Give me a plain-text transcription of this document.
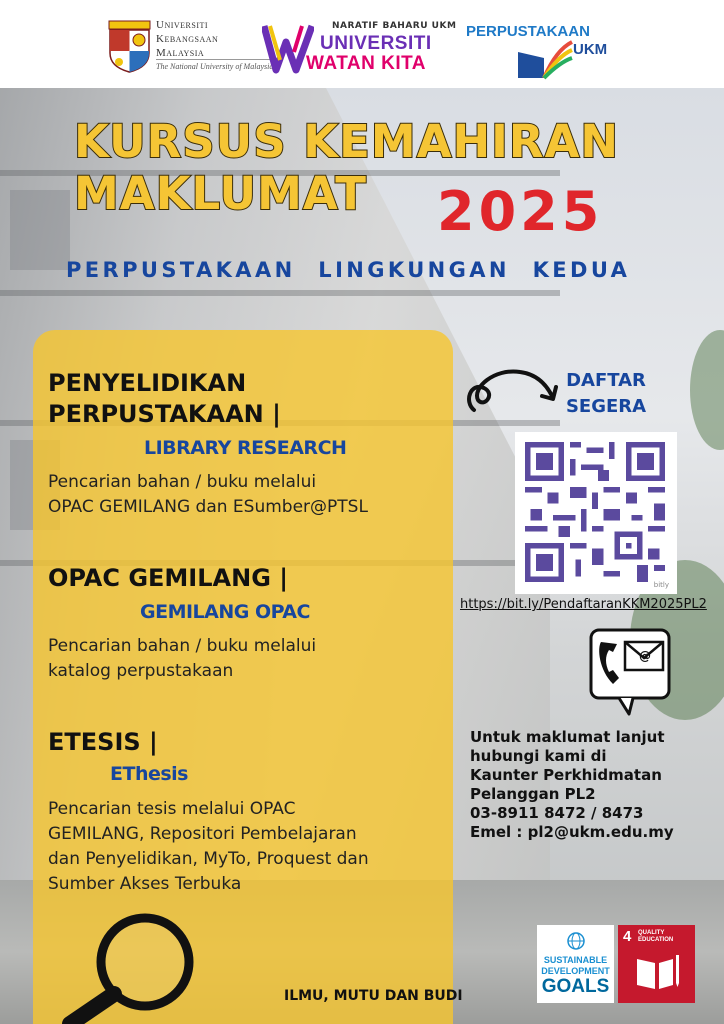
Universiti
Kebangsaan
Malaysia
The National University of Malaysia
NARATIF BAHARU UKM
UNIVERSITI
WATAN KITA
PERPUSTAKAAN
UKM
KURSUS KEMAHIRAN
MAKLUMAT 2025
PERPUSTAKAAN LINGKUNGAN KEDUA
PENYELIDIKAN
PERPUSTAKAAN |
LIBRARY RESEARCH
Pencarian bahan / buku melalui
OPAC GEMILANG dan ESumber@PTSL
OPAC GEMILANG |
GEMILANG OPAC
Pencarian bahan / buku melalui
katalog perpustakaan
ETESIS |
EThesis
Pencarian tesis melalui OPAC
GEMILANG, Repositori Pembelajaran
dan Penyelidikan, MyTo, Proquest dan
Sumber Akses Terbuka
DAFTAR
SEGERA
bitly
https://bit.ly/PendaftaranKKM2025PL2
@
Untuk maklumat lanjut
hubungi kami di
Kaunter Perkhidmatan
Pelanggan PL2
03-8911 8472 / 8473
Emel : pl2@ukm.edu.my
ILMU, MUTU DAN BUDI
SUSTAINABLE
DEVELOPMENT
GOALS
4 QUALITY
EDUCATION
